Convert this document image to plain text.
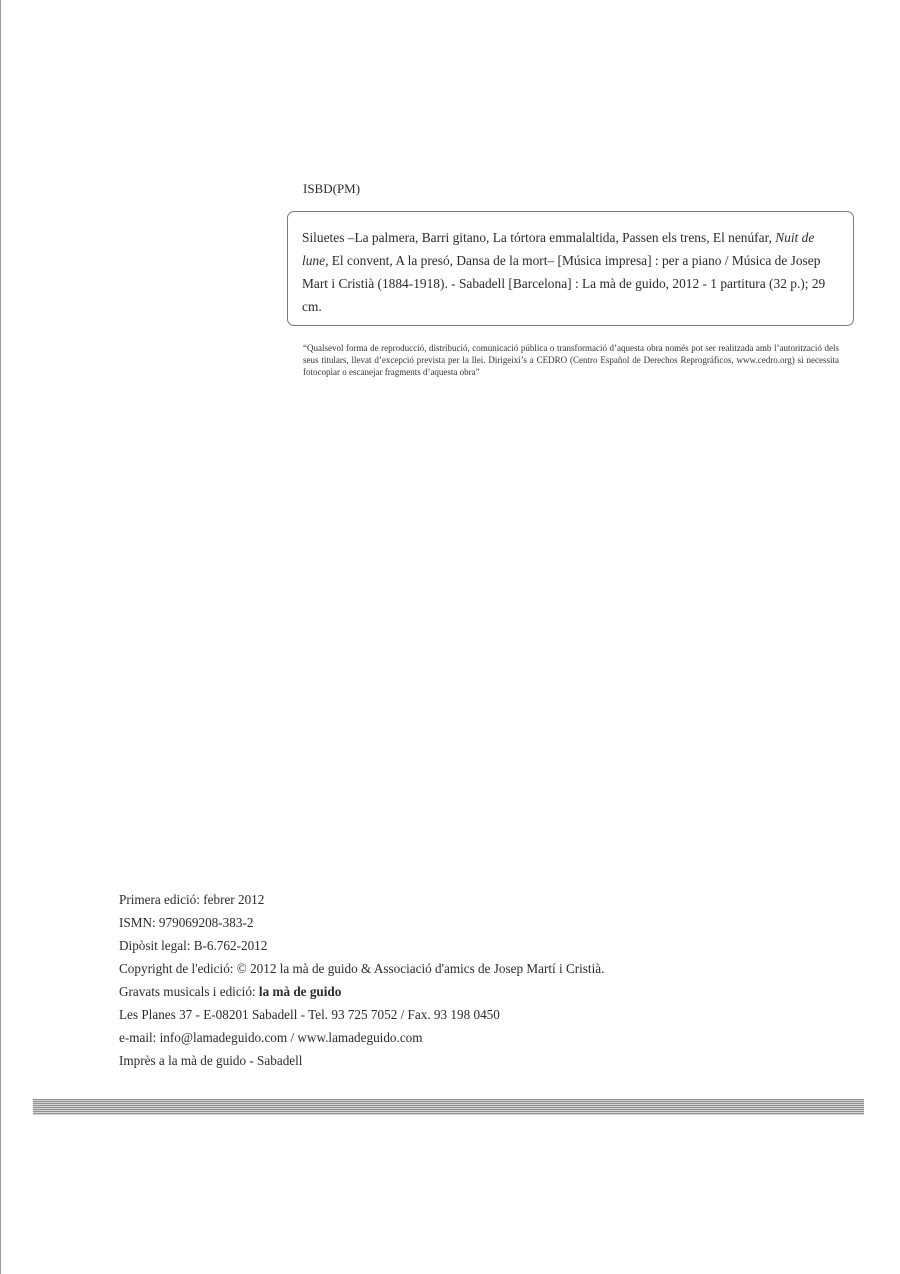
ISBD(PM)
Siluetes –La palmera, Barri gitano, La tórtora emmalaltida, Passen els trens, El nenúfar, Nuit de lune, El convent, A la presó, Dansa de la mort– [Música impresa] : per a piano / Música de Josep Mart i Cristià (1884-1918). - Sabadell [Barcelona] : La mà de guido, 2012 - 1 partitura (32 p.); 29 cm.
“Qualsevol forma de reproducció, distribució, comunicació pública o transformació d’aquesta obra només pot ser realitzada amb l’autorització dels seus titulars, llevat d’excepció prevista per la llei. Dirigeixi’s a CEDRO (Centro Español de Derechos Reprográficos, www.cedro.org) si necessita fotocopiar o escanejar fragments d’aquesta obra”
Primera edició: febrer 2012
ISMN: 979069208-383-2
Dipòsit legal: B-6.762-2012
Copyright de l'edició: © 2012 la mà de guido & Associació d'amics de Josep Martí i Cristià.
Gravats musicals i edició: la mà de guido
Les Planes 37 - E-08201 Sabadell - Tel. 93 725 7052 / Fax. 93 198 0450
e-mail: info@lamadeguido.com / www.lamadeguido.com
Imprès a la mà de guido - Sabadell
